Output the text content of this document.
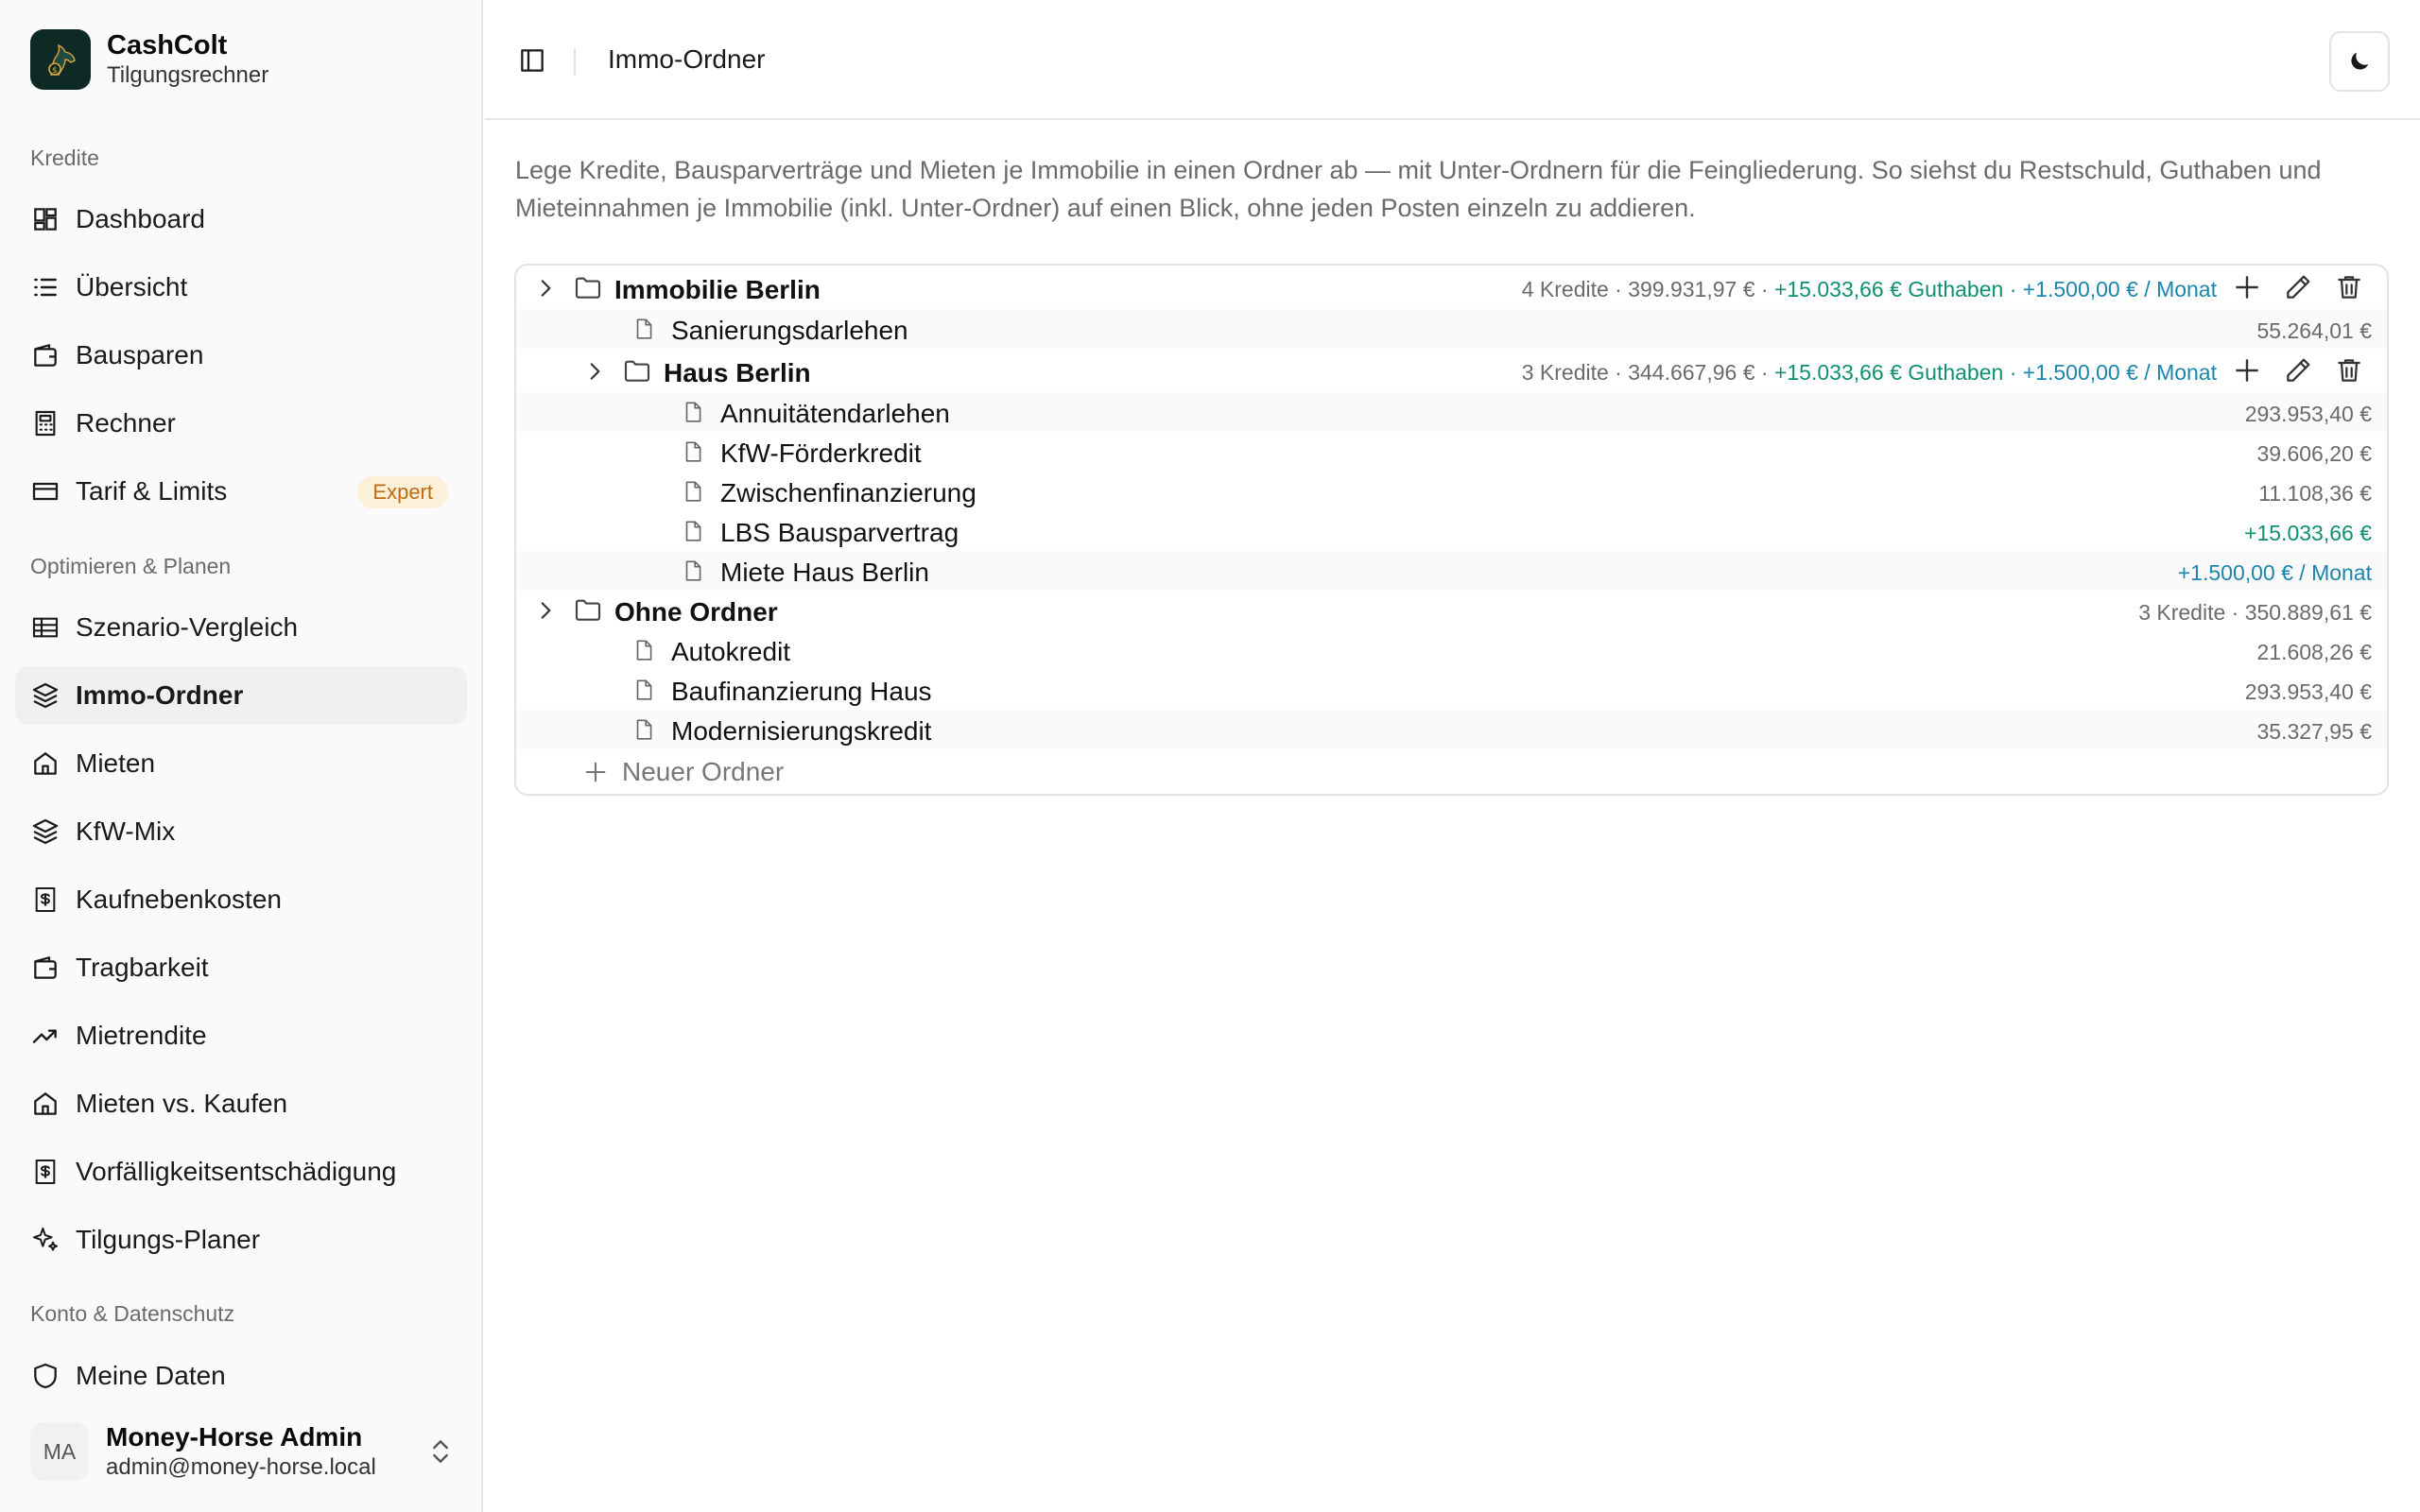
$
CashColt
Tilgungsrechner
Kredite
Dashboard
Übersicht
Bausparen
Rechner
Tarif & Limits	Expert
Optimieren & Planen
Szenario-Vergleich
Immo-Ordner
Mieten
KfW-Mix
Kaufnebenkosten
Tragbarkeit
Mietrendite
Mieten vs. Kaufen
Vorfälligkeitsentschädigung
Tilgungs-Planer
Konto & Datenschutz
Meine Daten
MA	Money-Horse Admin
admin@money-horse.local
Immo-Ordner

Lege Kredite, Bausparverträge und Mieten je Immobilie in einen Ordner ab — mit Unter-Ordnern für die Feingliederung. So siehst du Restschuld, Guthaben und Mieteinnahmen je Immobilie (inkl. Unter-Ordner) auf einen Blick, ohne jeden Posten einzeln zu addieren.

Immobilie Berlin	4 Kredite · 399.931,97 € · +15.033,66 € Guthaben · +1.500,00 € / Monat
Sanierungsdarlehen	55.264,01 €
Haus Berlin	3 Kredite · 344.667,96 € · +15.033,66 € Guthaben · +1.500,00 € / Monat
Annuitätendarlehen	293.953,40 €
KfW-Förderkredit	39.606,20 €
Zwischenfinanzierung	11.108,36 €
LBS Bausparvertrag	+15.033,66 €
Miete Haus Berlin	+1.500,00 € / Monat
Ohne Ordner	3 Kredite · 350.889,61 €
Autokredit	21.608,26 €
Baufinanzierung Haus	293.953,40 €
Modernisierungskredit	35.327,95 €
Neuer Ordner
